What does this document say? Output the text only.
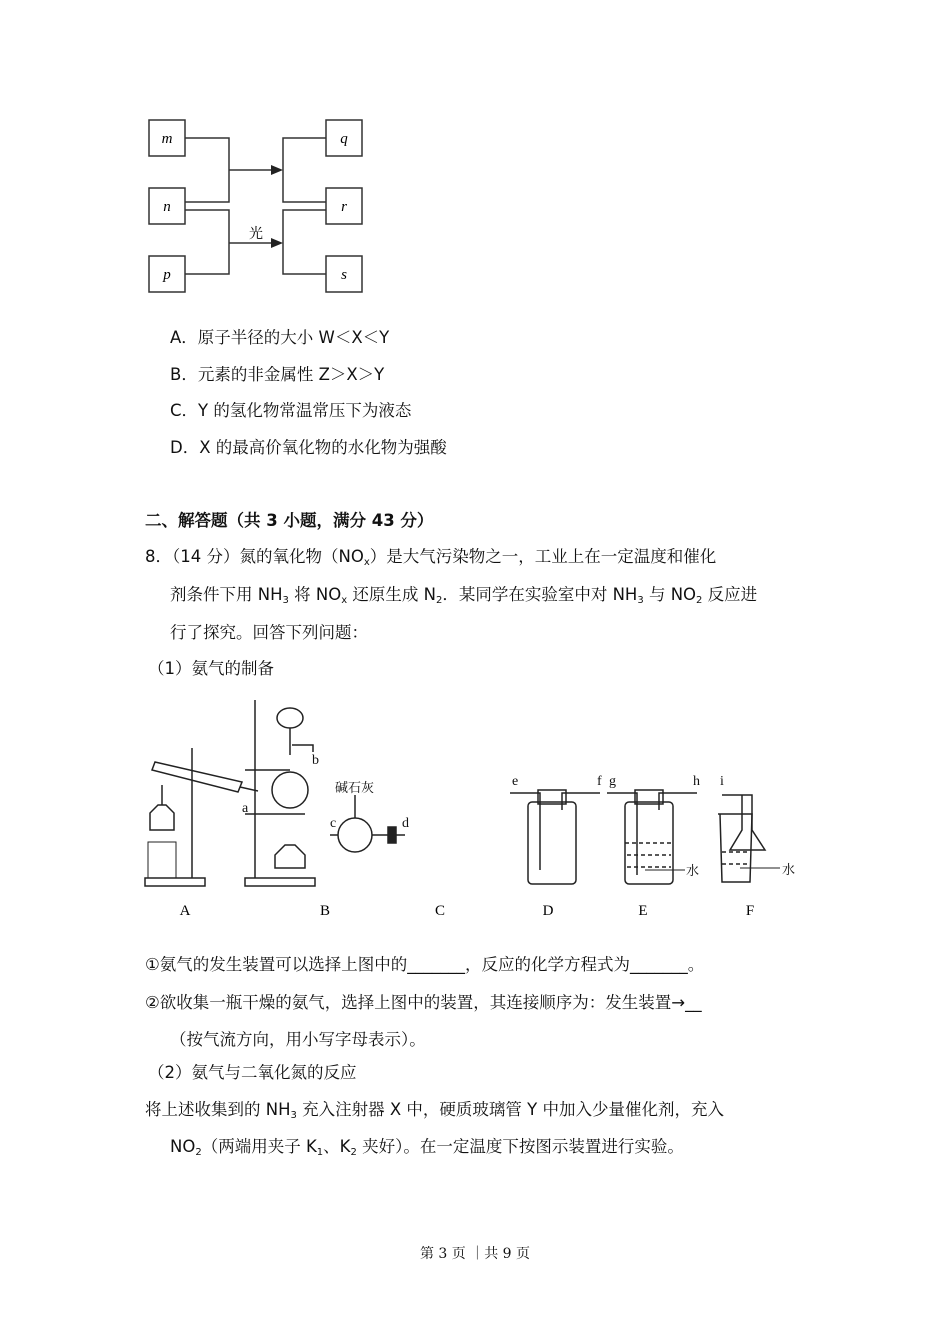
m
n
p
q
r
s
光
A．原子半径的大小 W＜X＜Y
B．元素的非金属性 Z＞X＞Y
C．Y 的氢化物常温常压下为液态
D．X 的最高价氧化物的水化物为强酸
二、解答题（共 3 小题，满分 43 分）
8．（14 分）氮的氧化物$(NO_x)$是大气污染物之一，工业上在一定温度和催化
剂条件下用 $NH_3$ 将 $NO_x$ 还原生成 $N_2$．某同学在实验室中对 $NH_3$ 与 $NO_2$ 反应进
行了探究。回答下列问题：
（1）氨气的制备
a
b
c	d
e	f g	h i
碱石灰
水	水
A	B	C	D	E	F
①氨气的发生装置可以选择上图中的_______，反应的化学方程式为_______。
②欲收集一瓶干燥的氨气，选择上图中的装置，其连接顺序为：发生装置→__
（按气流方向，用小写字母表示）。
（2）氨气与二氧化氮的反应
将上述收集到的 $NH_3$ 充入注射器 X 中，硬质玻璃管 Y 中加入少量催化剂，充入
$NO_2$（两端用夹子 $K_1$、$K_2$ 夹好）。在一定温度下按图示装置进行实验。
第 3 页 ｜共 9 页
